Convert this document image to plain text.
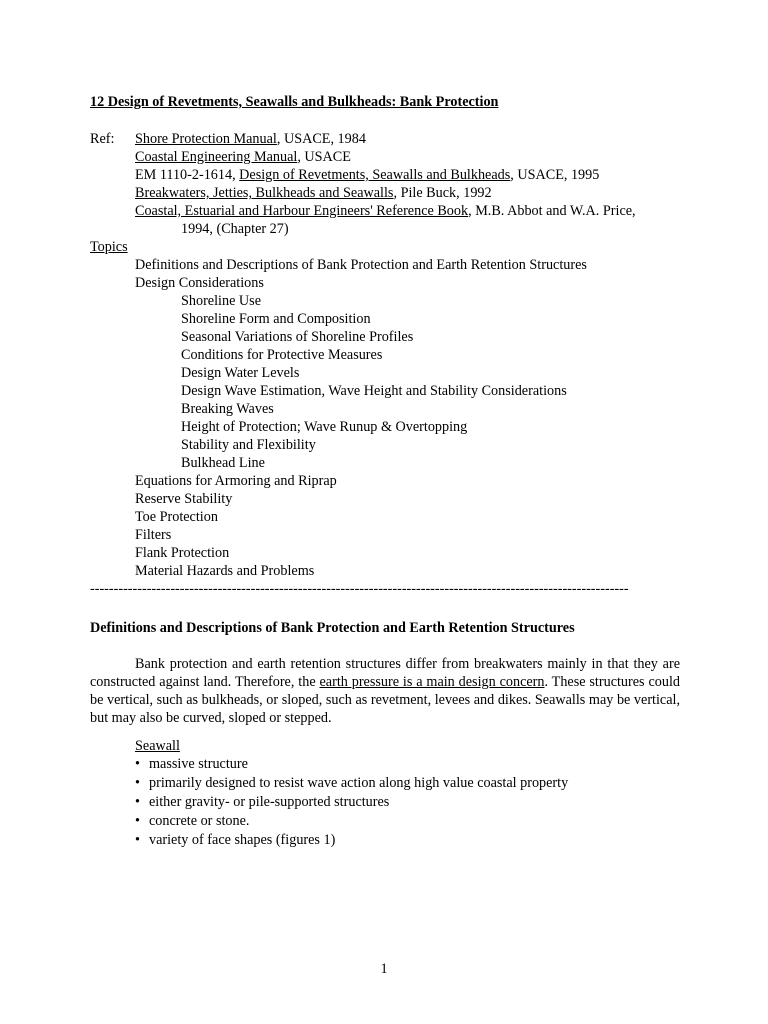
12 Design of Revetments, Seawalls and Bulkheads: Bank Protection
Ref: Shore Protection Manual, USACE, 1984
Coastal Engineering Manual, USACE
EM 1110-2-1614, Design of Revetments, Seawalls and Bulkheads, USACE, 1995
Breakwaters, Jetties, Bulkheads and Seawalls, Pile Buck, 1992
Coastal, Estuarial and Harbour Engineers' Reference Book, M.B. Abbot and W.A. Price,
1994, (Chapter 27)
Topics
Definitions and Descriptions of Bank Protection and Earth Retention Structures
Design Considerations
Shoreline Use
Shoreline Form and Composition
Seasonal Variations of Shoreline Profiles
Conditions for Protective Measures
Design Water Levels
Design Wave Estimation, Wave Height and Stability Considerations
Breaking Waves
Height of Protection; Wave Runup & Overtopping
Stability and Flexibility
Bulkhead Line
Equations for Armoring and Riprap
Reserve Stability
Toe Protection
Filters
Flank Protection
Material Hazards and Problems
------------------------------------------------------------------------------------------------------------------
Definitions and Descriptions of Bank Protection and Earth Retention Structures
Bank protection and earth retention structures differ from breakwaters mainly in that they are constructed against land. Therefore, the earth pressure is a main design concern. These structures could be vertical, such as bulkheads, or sloped, such as revetment, levees and dikes. Seawalls may be vertical, but may also be curved, sloped or stepped.
Seawall
• massive structure
• primarily designed to resist wave action along high value coastal property
• either gravity- or pile-supported structures
• concrete or stone.
• variety of face shapes (figures 1)
1
